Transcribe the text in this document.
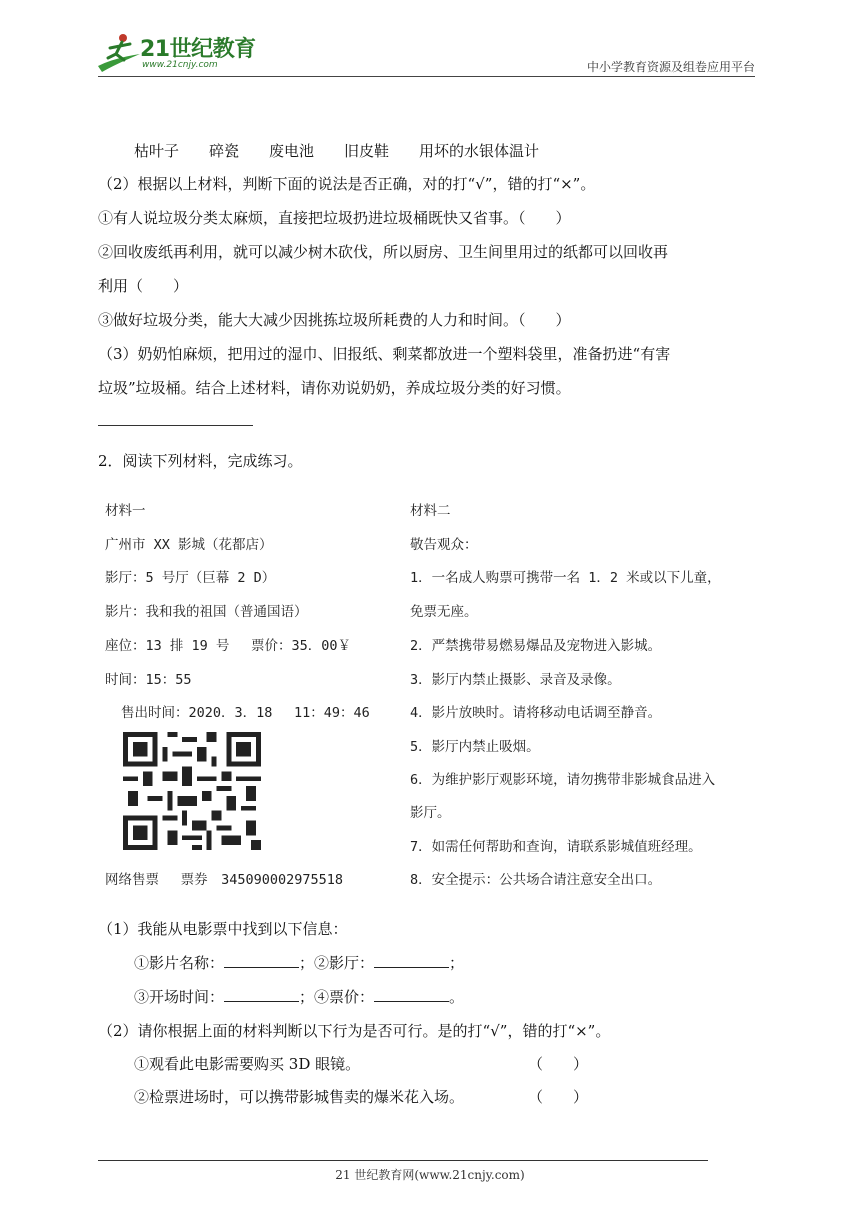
21世纪教育
www.21cnjy.com	中小学教育资源及组卷应用平台
枯叶子　　碎瓷　　废电池　　旧皮鞋　　用坏的水银体温计
（2）根据以上材料，判断下面的说法是否正确，对的打“√”，错的打“×”。
①有人说垃圾分类太麻烦，直接把垃圾扔进垃圾桶既快又省事。（　　）
②回收废纸再利用，就可以减少树木砍伐，所以厨房、卫生间里用过的纸都可以回收再
利用（　　）
③做好垃圾分类，能大大减少因挑拣垃圾所耗费的人力和时间。（　　）
（3）奶奶怕麻烦，把用过的湿巾、旧报纸、剩菜都放进一个塑料袋里，准备扔进“有害
垃圾”垃圾桶。结合上述材料，请你劝说奶奶，养成垃圾分类的好习惯。
2．阅读下列材料，完成练习。
材料一
广州市 XX 影城（花都店）
影厅：5 号厅（巨幕 2 D）
影片：我和我的祖国（普通国语）
座位：13 排 19 号　 票价：35．00￥
时间：15：55
售出时间：2020．3．18　 11：49：46
网络售票　 票券　345090002975518
材料二
敬告观众：
1．一名成人购票可携带一名 1．2 米或以下儿童，
免票无座。
2．严禁携带易燃易爆品及宠物进入影城。
3．影厅内禁止摄影、录音及录像。
4．影片放映时。请将移动电话调至静音。
5．影厅内禁止吸烟。
6．为维护影厅观影环境，请勿携带非影城食品进入
影厅。
7．如需任何帮助和查询，请联系影城值班经理。
8．安全提示：公共场合请注意安全出口。
（1）我能从电影票中找到以下信息：
①影片名称：	；②影厅：	；
③开场时间：	；④票价：	。
（2）请你根据上面的材料判断以下行为是否可行。是的打“√”，错的打“×”。
①观看此电影需要购买 3D 眼镜。	（　　）
②检票进场时，可以携带影城售卖的爆米花入场。	（　　）
21 世纪教育网(www.21cnjy.com)
